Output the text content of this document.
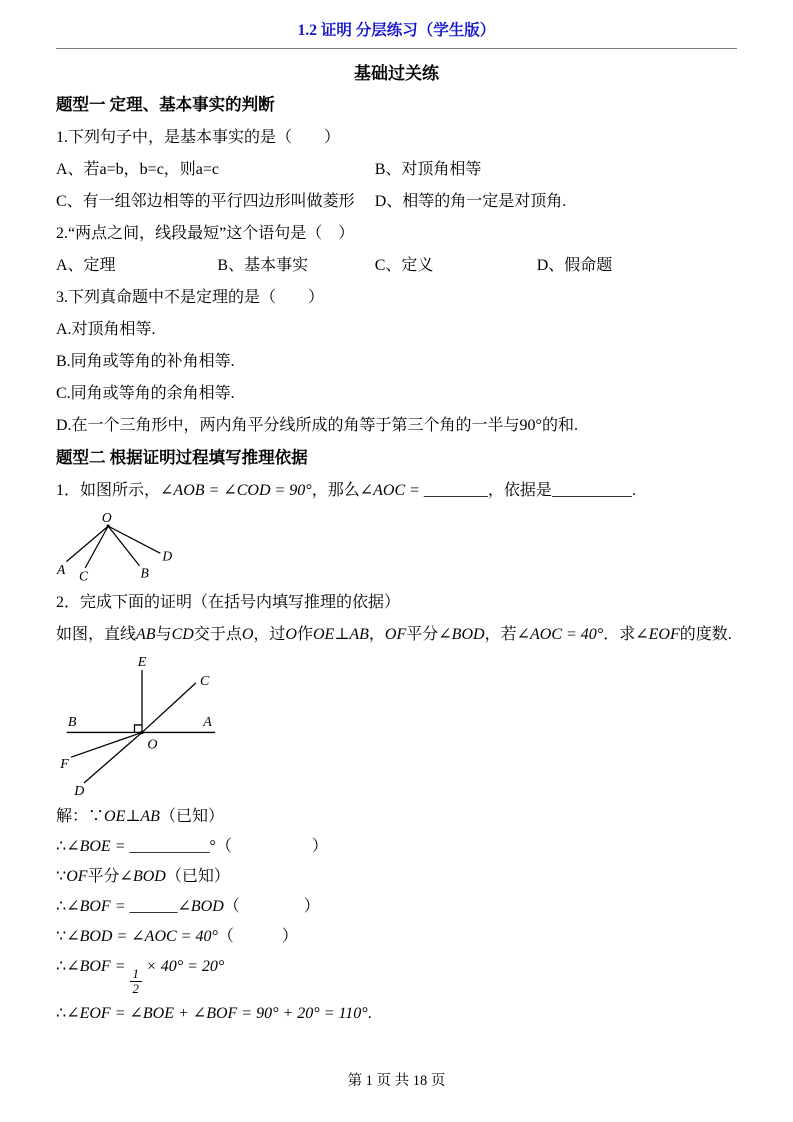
1.2 证明 分层练习（学生版）
基础过关练
题型一 定理、基本事实的判断

1.下列句子中，是基本事实的是（　　）

A、若a=b，b=c，则a=c	B、对顶角相等
C、有一组邻边相等的平行四边形叫做菱形	D、相等的角一定是对顶角.

2.“两点之间，线段最短”这个语句是（　）

A、定理	B、基本事实	C、定义	D、假命题

3.下列真命题中不是定理的是（　　）

A.对顶角相等.

B.同角或等角的补角相等.

C.同角或等角的余角相等.

D.在一个三角形中，两内角平分线所成的角等于第三个角的一半与90°的和.

题型二 根据证明过程填写推理依据

1．如图所示，∠AOB = ∠COD = 90°，那么∠AOC = ________，依据是__________.

O
A C	B
D

2．完成下面的证明（在括号内填写推理的依据）

如图，直线AB与CD交于点O，过O作OE⊥AB，OF平分∠BOD，若∠AOC = 40°．求∠EOF的度数.

E
C
B	A
O
F
D

解：∵OE⊥AB（已知）

∴∠BOE = __________°（　　　　　）

∵OF平分∠BOD（已知）

∴∠BOF = ______∠BOD（　　　　）

∵∠BOD = ∠AOC = 40°（　　　）

∴∠BOF =
$\frac{1}{2}$
× 40° = 20°

∴∠EOF = ∠BOE + ∠BOF = 90° + 20° = 110°.

第 1 页 共 18 页
